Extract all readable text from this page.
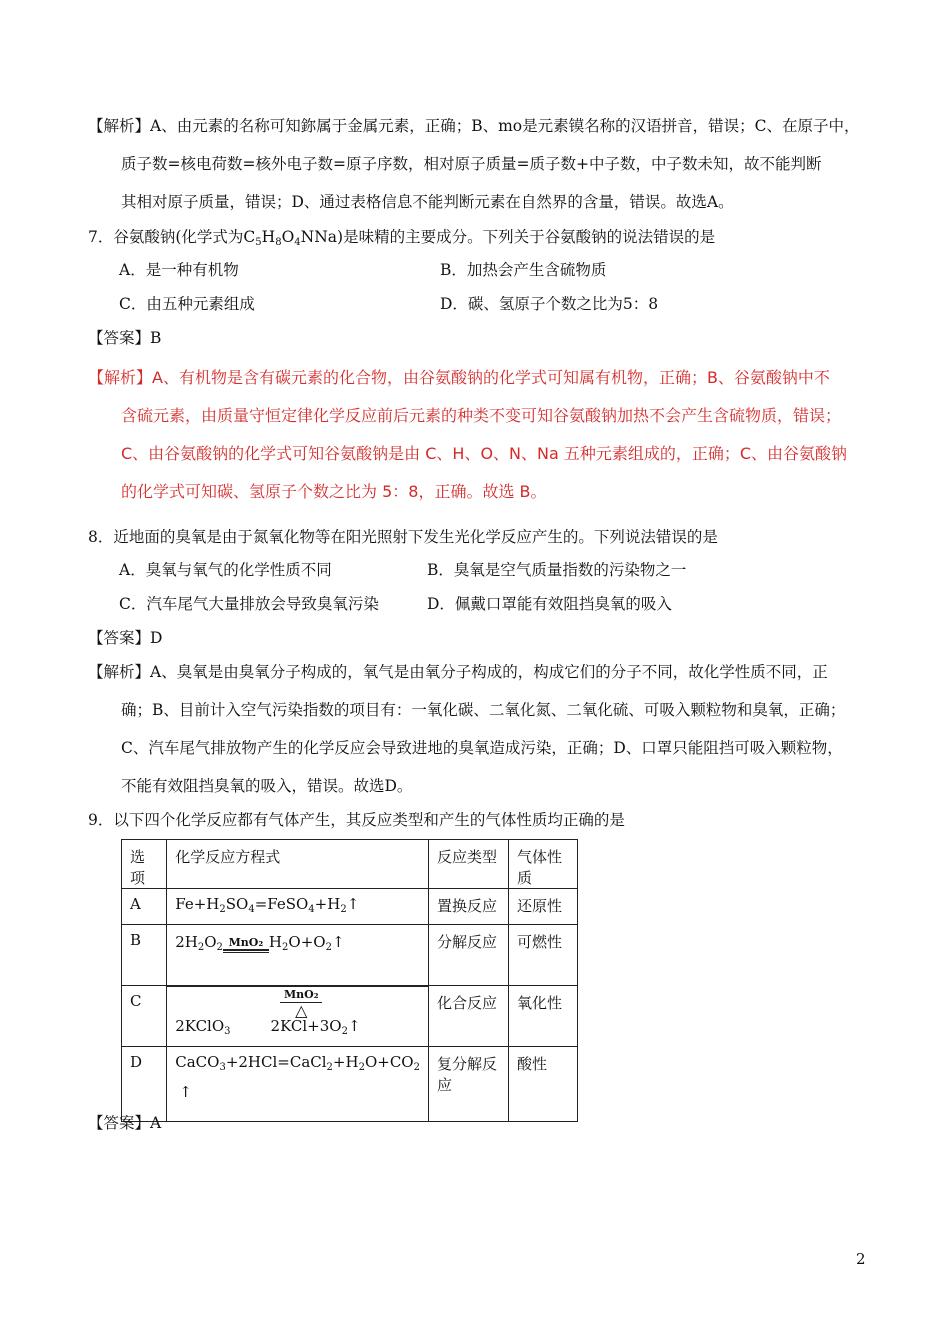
【解析】A、由元素的名称可知鉨属于金属元素，正确；B、mo是元素镆名称的汉语拼音，错误；C、在原子中，
质子数=核电荷数=核外电子数=原子序数，相对原子质量=质子数+中子数，中子数未知，故不能判断
其相对原子质量，错误；D、通过表格信息不能判断元素在自然界的含量，错误。故选A。
7．谷氨酸钠(化学式为$C_5H_8O_4NNa$)是味精的主要成分。下列关于谷氨酸钠的说法错误的是
A．是一种有机物	B．加热会产生含硫物质
C．由五种元素组成	D．碳、氢原子个数之比为5：8
【答案】B
【解析】A、有机物是含有碳元素的化合物，由谷氨酸钠的化学式可知属有机物，正确；B、谷氨酸钠中不
含硫元素，由质量守恒定律化学反应前后元素的种类不变可知谷氨酸钠加热不会产生含硫物质，错误；
C、由谷氨酸钠的化学式可知谷氨酸钠是由 C、H、O、N、Na 五种元素组成的，正确；C、由谷氨酸钠
的化学式可知碳、氢原子个数之比为 5：8，正确。故选 B。
8．近地面的臭氧是由于氮氧化物等在阳光照射下发生光化学反应产生的。下列说法错误的是
A．臭氧与氧气的化学性质不同	B．臭氧是空气质量指数的污染物之一
C．汽车尾气大量排放会导致臭氧污染	D．佩戴口罩能有效阻挡臭氧的吸入
【答案】D
【解析】A、臭氧是由臭氧分子构成的，氧气是由氧分子构成的，构成它们的分子不同，故化学性质不同，正
确；B、目前计入空气污染指数的项目有：一氧化碳、二氧化氮、二氧化硫、可吸入颗粒物和臭氧，正确；
C、汽车尾气排放物产生的化学反应会导致进地的臭氧造成污染，正确；D、口罩只能阻挡可吸入颗粒物，
不能有效阻挡臭氧的吸入，错误。故选D。
9．以下四个化学反应都有气体产生，其反应类型和产生的气体性质均正确的是
选项	化学反应方程式	反应类型	气体性质
A	$Fe+H_2SO_4=FeSO_4+H_2↑$	置换反应	还原性
B	$2H_2O_2$ MnO₂ $H_2O+O_2↑$	分解反应	可燃性
C	MnO₂
△
2KClO$_3$ $2KCl+3O_2↑$	化合反应	氧化性
D	$CaCO_3+2HCl=CaCl_2+H_2O+CO_2$
↑	复分解反应	酸性
【答案】A
2
